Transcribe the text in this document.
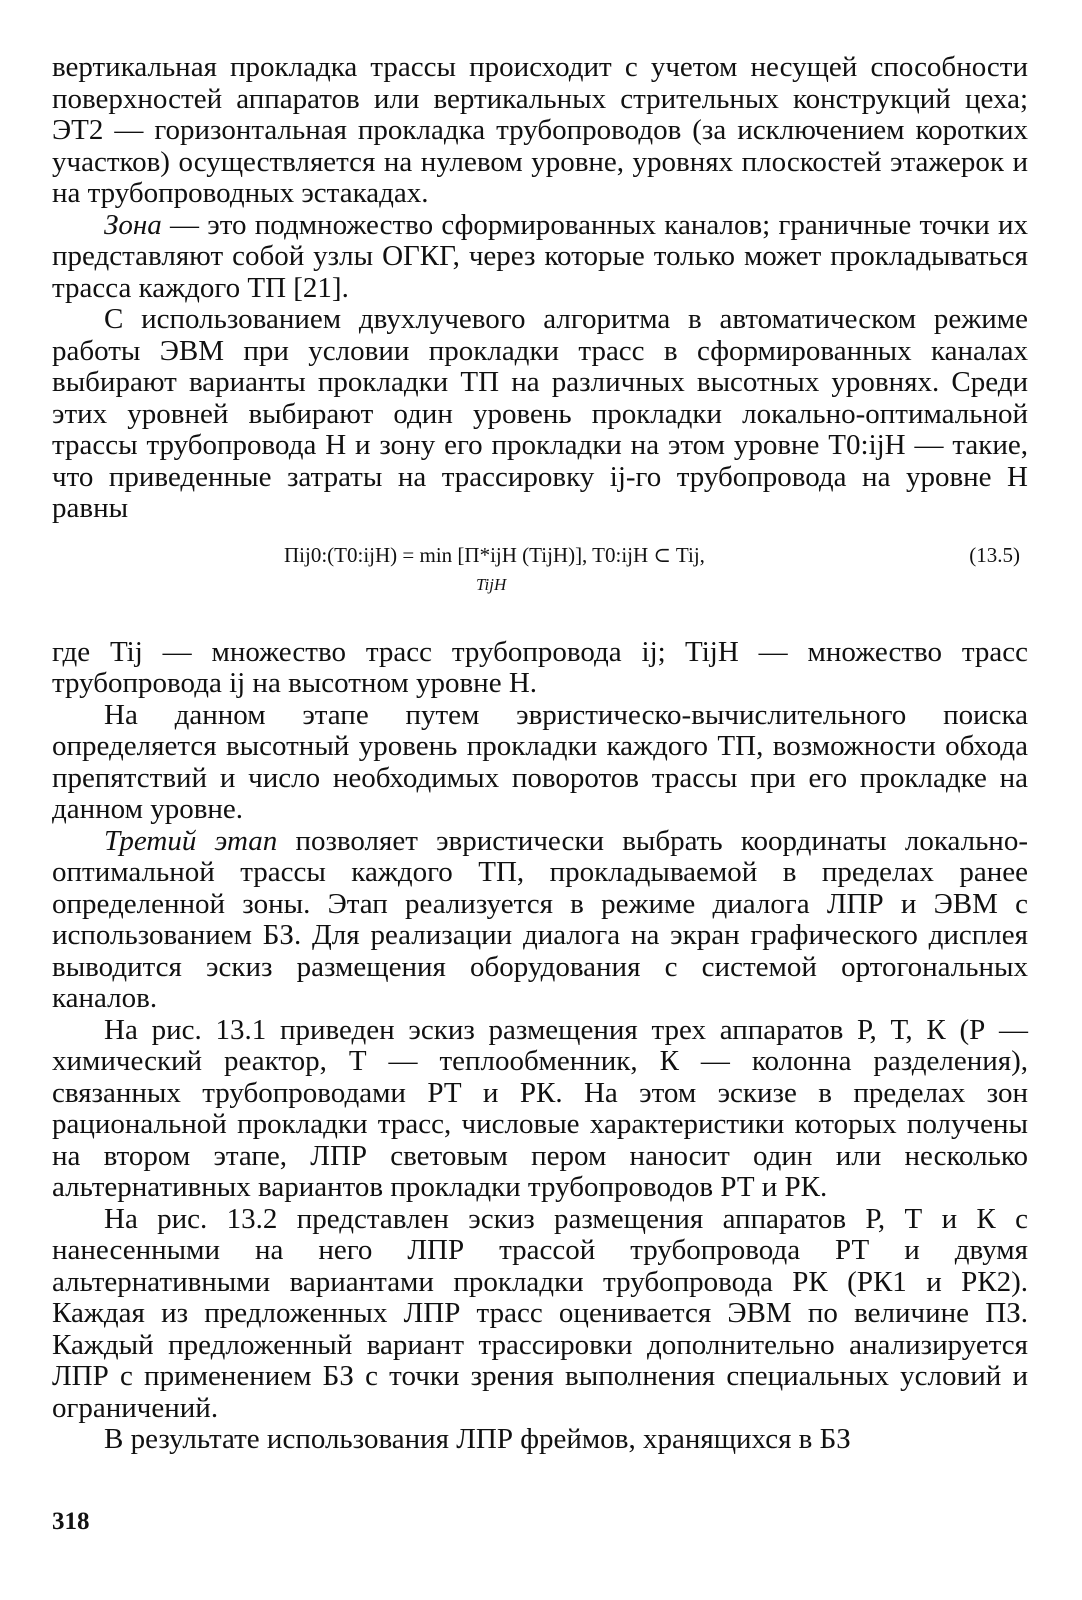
вертикальная прокладка трассы происходит с учетом несущей способности поверхностей аппаратов или вертикальных стрительных конструкций цеха; ЭТ2 — горизонтальная прокладка трубопроводов (за исключением коротких участков) осуществляется на нулевом уровне, уровнях плоскостей этажерок и на трубопроводных эстакадах.

Зона — это подмножество сформированных каналов; граничные точки их представляют собой узлы ОГКГ, через которые только может прокладываться трасса каждого ТП [21].

С использованием двухлучевого алгоритма в автоматическом режиме работы ЭВМ при условии прокладки трасс в сформированных каналах выбирают варианты прокладки ТП на различных высотных уровнях. Среди этих уровней выбирают один уровень прокладки локально-оптимальной трассы трубопровода H и зону его прокладки на этом уровне T0:ijH — такие, что приведенные затраты на трассировку ij-го трубопровода на уровне H равны

Пij0:(T0:ijH) = min [П*ijH (TijH)], T0:ijH ⊂ Tij,
TijH
(13.5)

где Tij — множество трасс трубопровода ij; TijH — множество трасс трубопровода ij на высотном уровне H.

На данном этапе путем эвристическо-вычислительного поиска определяется высотный уровень прокладки каждого ТП, возможности обхода препятствий и число необходимых поворотов трассы при его прокладке на данном уровне.

Третий этап позволяет эвристически выбрать координаты локально-оптимальной трассы каждого ТП, прокладываемой в пределах ранее определенной зоны. Этап реализуется в режиме диалога ЛПР и ЭВМ с использованием БЗ. Для реализации диалога на экран графического дисплея выводится эскиз размещения оборудования с системой ортогональных каналов.

На рис. 13.1 приведен эскиз размещения трех аппаратов Р, Т, К (Р — химический реактор, Т — теплообменник, К — колонна разделения), связанных трубопроводами РТ и РК. На этом эскизе в пределах зон рациональной прокладки трасс, числовые характеристики которых получены на втором этапе, ЛПР световым пером наносит один или несколько альтернативных вариантов прокладки трубопроводов РТ и РК.

На рис. 13.2 представлен эскиз размещения аппаратов Р, Т и К с нанесенными на него ЛПР трассой трубопровода РТ и двумя альтернативными вариантами прокладки трубопровода РК (РК1 и РК2). Каждая из предложенных ЛПР трасс оценивается ЭВМ по величине ПЗ. Каждый предложенный вариант трассировки дополнительно анализируется ЛПР с применением БЗ с точки зрения выполнения специальных условий и ограничений.

В результате использования ЛПР фреймов, хранящихся в БЗ

318
